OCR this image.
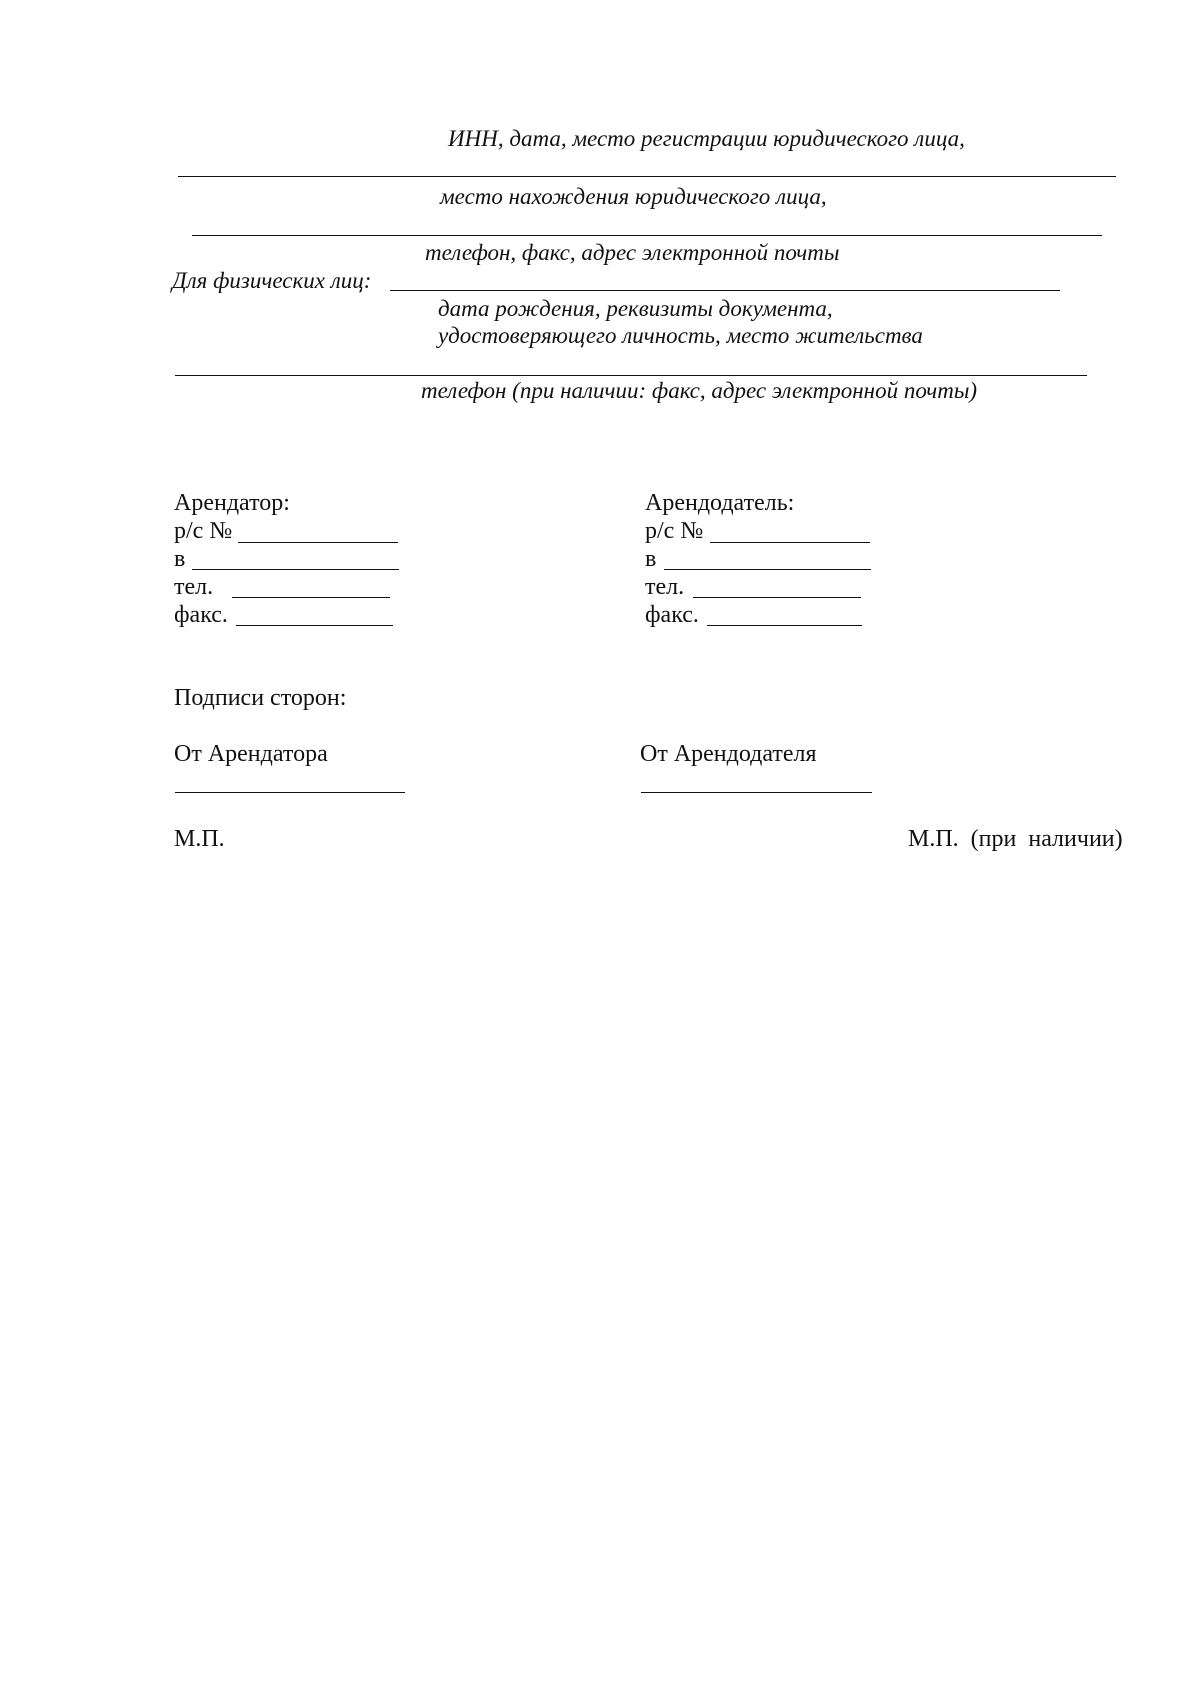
ИНН, дата, место регистрации юридического лица,
место нахождения юридического лица,
телефон, факс, адрес электронной почты
Для физических лиц:
дата рождения, реквизиты документа,
удостоверяющего личность, место жительства
телефон (при наличии: факс, адрес электронной почты)
Арендатор:
р/с №
в
тел.
факс.
Арендодатель:
р/с №
в
тел.
факс.
Подписи сторон:
От Арендатора	От Арендодателя
М.П.	М.П.  (при  наличии)
